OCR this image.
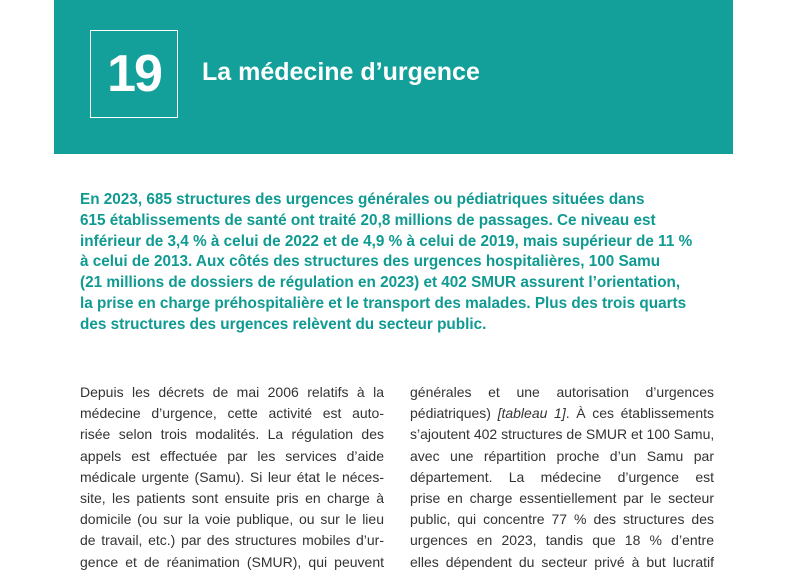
19	La médecine d’urgence
En 2023, 685 structures des urgences générales ou pédiatriques situées dans
615 établissements de santé ont traité 20,8 millions de passages. Ce niveau est
inférieur de 3,4 % à celui de 2022 et de 4,9 % à celui de 2019, mais supérieur de 11 %
à celui de 2013. Aux côtés des structures des urgences hospitalières, 100 Samu
(21 millions de dossiers de régulation en 2023) et 402 SMUR assurent l’orientation,
la prise en charge préhospitalière et le transport des malades. Plus des trois quarts
des structures des urgences relèvent du secteur public.
Depuis les décrets de mai 2006 relatifs à la
médecine d’urgence, cette activité est auto-
risée selon trois modalités. La régulation des
appels est effectuée par les services d’aide
médicale urgente (Samu). Si leur état le néces-
site, les patients sont ensuite pris en charge à
domicile (ou sur la voie publique, ou sur le lieu
de travail, etc.) par des structures mobiles d’ur-
gence et de réanimation (SMUR), qui peuvent
générales et une autorisation d’urgences
pédiatriques) [tableau 1]. À ces établissements
s’ajoutent 402 structures de SMUR et 100 Samu,
avec une répartition proche d’un Samu par
département. La médecine d’urgence est
prise en charge essentiellement par le secteur
public, qui concentre 77 % des structures des
urgences en 2023, tandis que 18 % d’entre
elles dépendent du secteur privé à but lucratif
